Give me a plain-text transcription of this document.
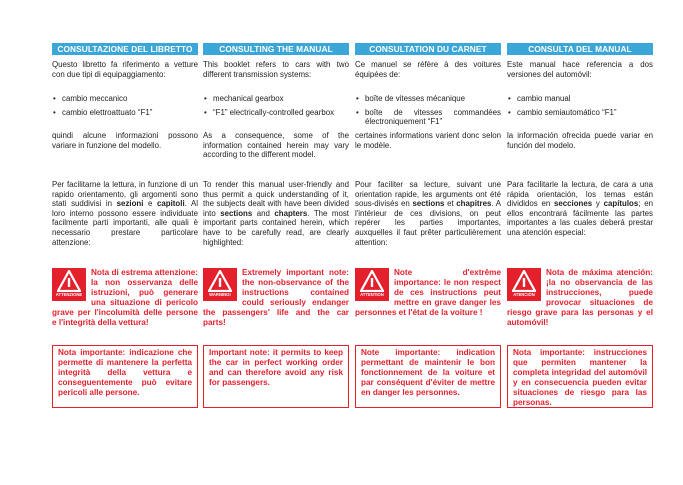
CONSULTAZIONE DEL LIBRETTO
Questo libretto fa riferimento a vetture con due tipi di equipaggiamento:
• cambio meccanico
• cambio elettroattuato “F1”
quindi alcune informazioni possono variare in funzione del modello.
Per facilitarne la lettura, in funzione di un rapido orientamento, gli argomenti sono stati suddivisi in sezioni e capitoli. Al loro interno possono essere individuate facilmente parti importanti, alle quali è necessario prestare particolare attenzione:
ATTENZIONE
Nota di estrema attenzione: la non osservanza delle istruzioni, può generare una situazione di pericolo grave per l'incolumità delle persone e l'integrità della vettura!
Nota importante: indicazione che permette di mantenere la perfetta integrità della vettura e conseguentemente può evitare pericoli alle persone.
CONSULTING THE MANUAL
This booklet refers to cars with two different transmission systems:
• mechanical gearbox
• “F1” electrically-controlled gearbox
As a consequence, some of the information contained herein may vary according to the different model.
To render this manual user-friendly and thus permit a quick understanding of it, the subjects dealt with have been divided into sections and chapters. The most important parts contained herein, which have to be carefully read, are clearly highlighted:
WARNING!
Extremely important note: the non-observance of the instructions contained could seriously endanger the passengers' life and the car parts!
Important note: it permits to keep the car in perfect working order and can therefore avoid any risk for passengers.
CONSULTATION DU CARNET
Ce manuel se réfère à des voitures équipées de:
• boîte de vitesses mécanique
• boîte de vitesses commandées électroniquement “F1”
certaines informations varient donc selon le modèle.
Pour faciliter sa lecture, suivant une orientation rapide, les arguments ont été sous-divisés en sections et chapitres. A l'intérieur de ces divisions, on peut repérer les parties importantes, auxquelles il faut prêter particulièrement attention:
ATTENTION
Note d'extrême importance: le non respect de ces instructions peut mettre en grave danger les personnes et l'état de la voiture !
Note importante: indication permettant de maintenir le bon fonctionnement de la voiture et par conséquent d'éviter de mettre en danger les personnes.
CONSULTA DEL MANUAL
Este manual hace referencia a dos versiones del automóvil:
• cambio manual
• cambio semiautomático “F1”
la información ofrecida puede variar en función del modelo.
Para facilitarle la lectura, de cara a una rápida orientación, los temas están divididos en secciones y capítulos; en ellos encontrará fácilmente las partes importantes a las cuales deberá prestar una atención especial:
ATENCIÓN
Nota de máxima atención: ¡la no observancia de las instrucciones, puede provocar situaciones de riesgo grave para las personas y el automóvil!
Nota importante: instrucciones que permiten mantener la completa integridad del automóvil y en consecuencia pueden evitar situaciones de riesgo para las personas.
